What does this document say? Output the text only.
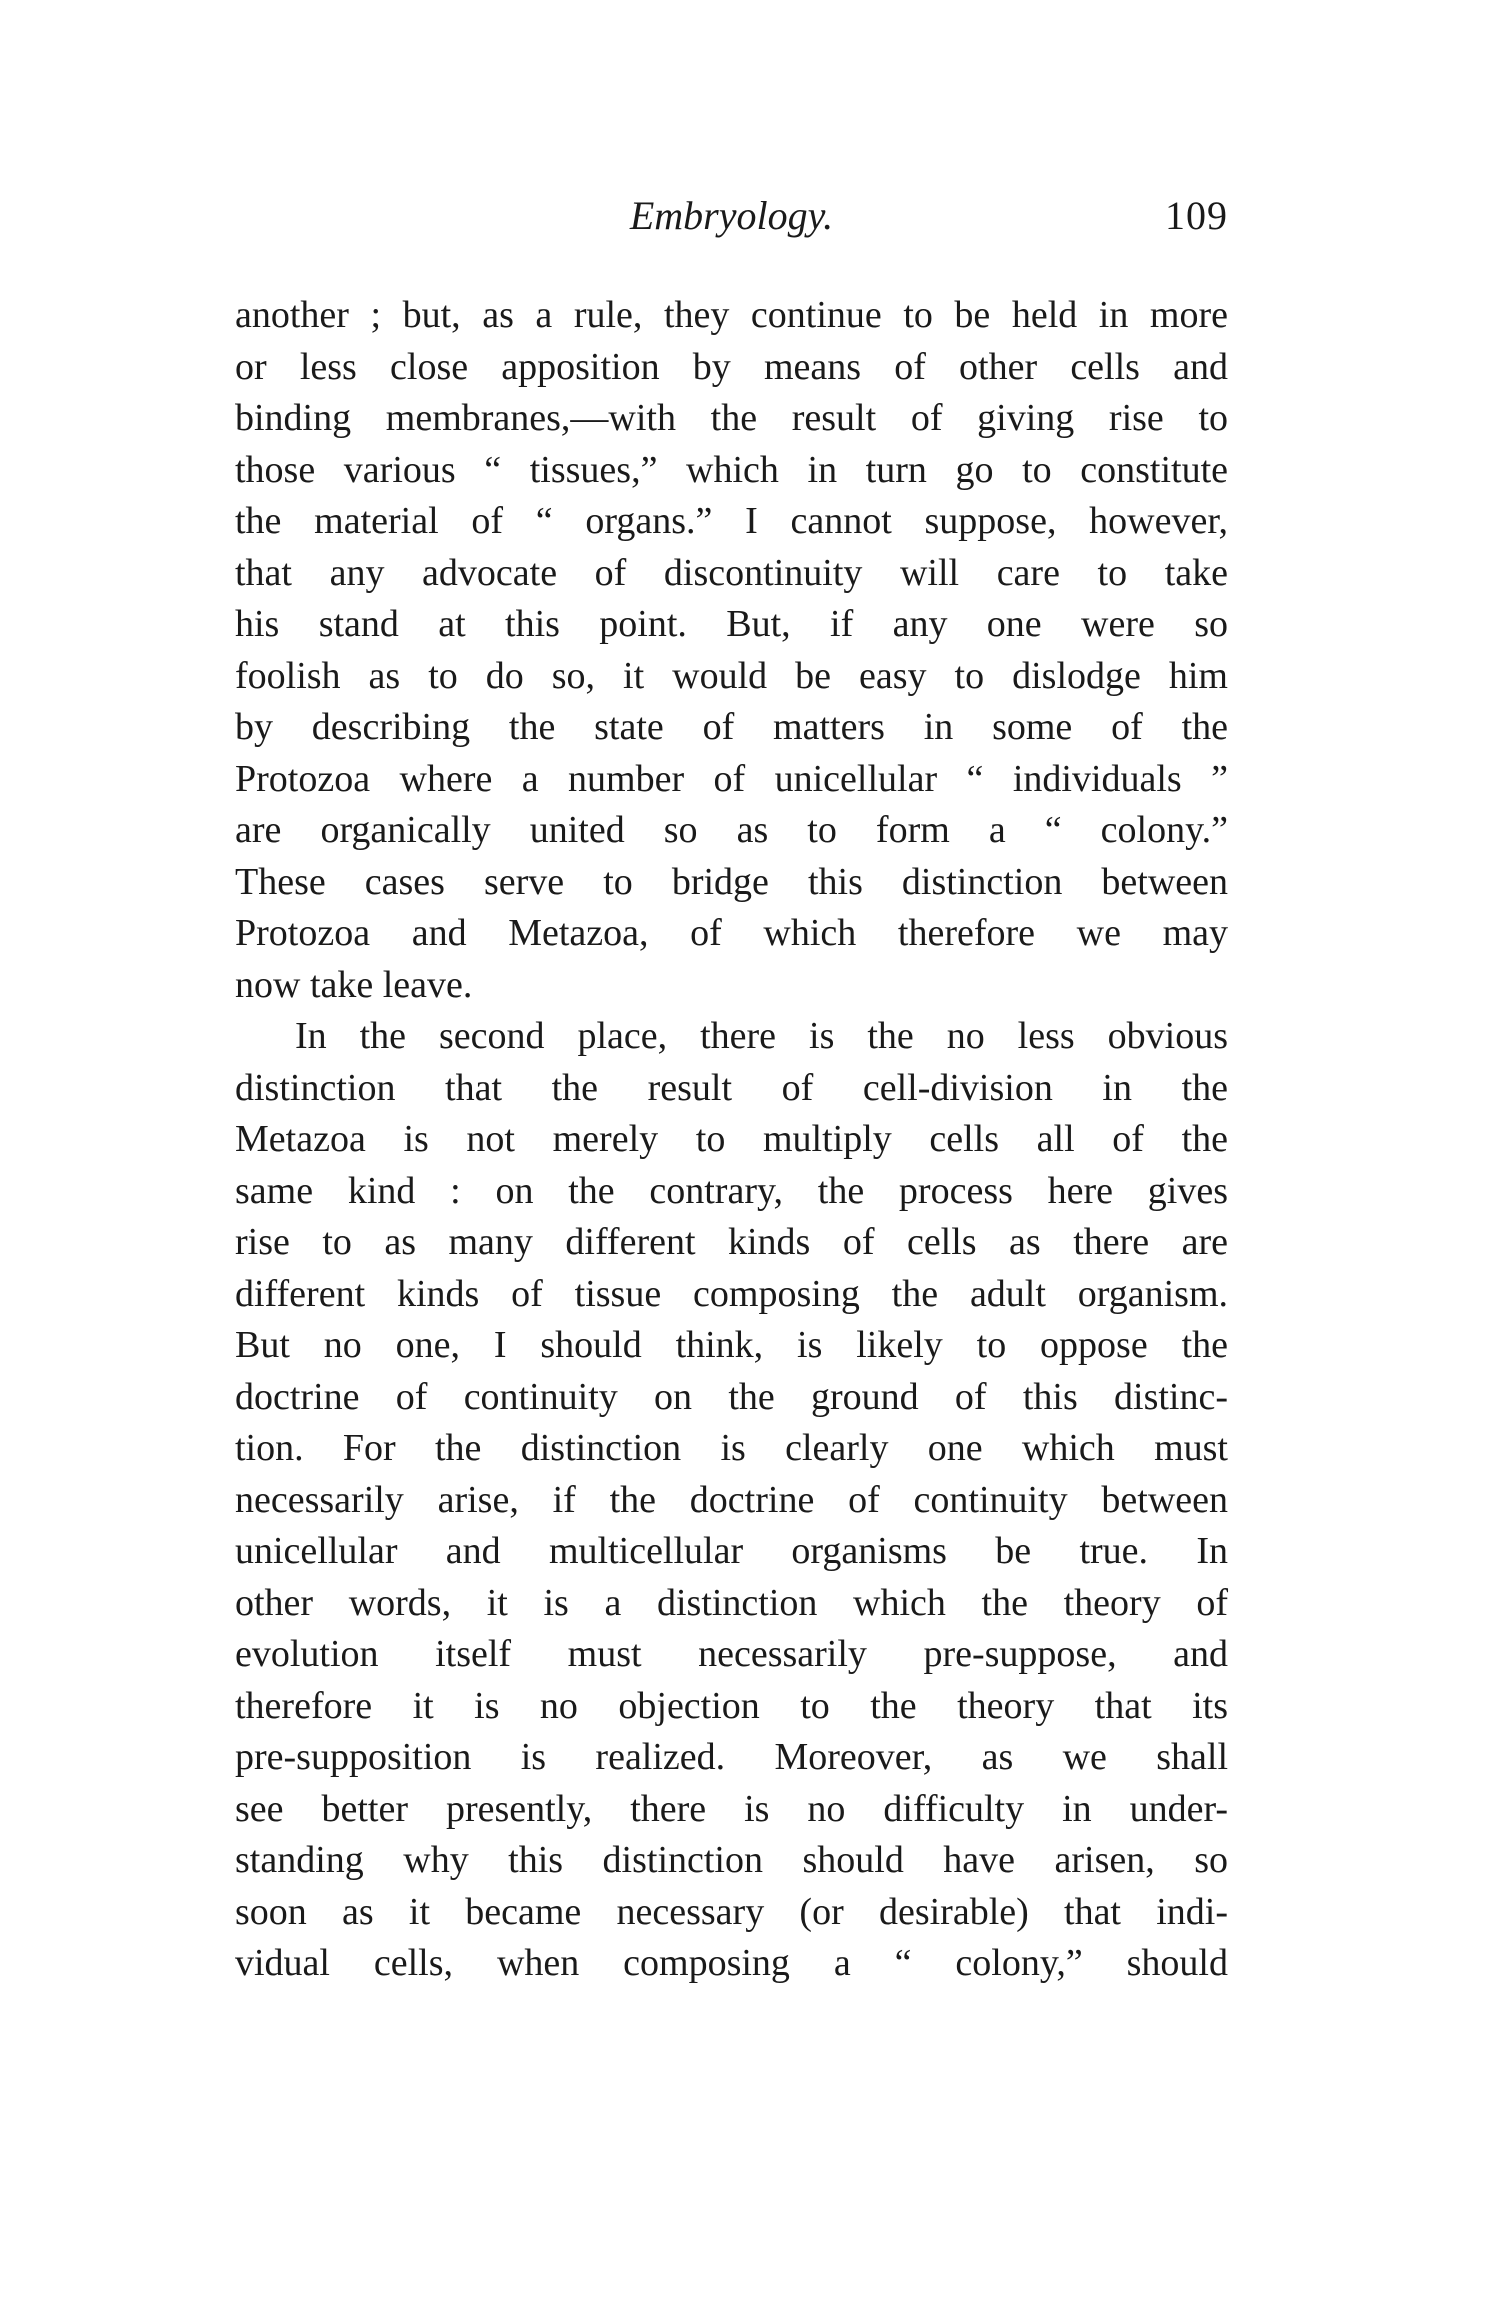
Embryology.	109
another ; but, as a rule, they continue to be held in more
or less close apposition by means of other cells and
binding membranes,—with the result of giving rise to
those various “ tissues,” which in turn go to constitute
the material of “ organs.” I cannot suppose, however,
that any advocate of discontinuity will care to take
his stand at this point. But, if any one were so
foolish as to do so, it would be easy to dislodge him
by describing the state of matters in some of the
Protozoa where a number of unicellular “ individuals ”
are organically united so as to form a “ colony.”
These cases serve to bridge this distinction between
Protozoa and Metazoa, of which therefore we may
now take leave.
In the second place, there is the no less obvious
distinction that the result of cell-division in the
Metazoa is not merely to multiply cells all of the
same kind : on the contrary, the process here gives
rise to as many different kinds of cells as there are
different kinds of tissue composing the adult organism.
But no one, I should think, is likely to oppose the
doctrine of continuity on the ground of this distinc-
tion. For the distinction is clearly one which must
necessarily arise, if the doctrine of continuity between
unicellular and multicellular organisms be true. In
other words, it is a distinction which the theory of
evolution itself must necessarily pre-suppose, and
therefore it is no objection to the theory that its
pre-supposition is realized. Moreover, as we shall
see better presently, there is no difficulty in under-
standing why this distinction should have arisen, so
soon as it became necessary (or desirable) that indi-
vidual cells, when composing a “ colony,” should
